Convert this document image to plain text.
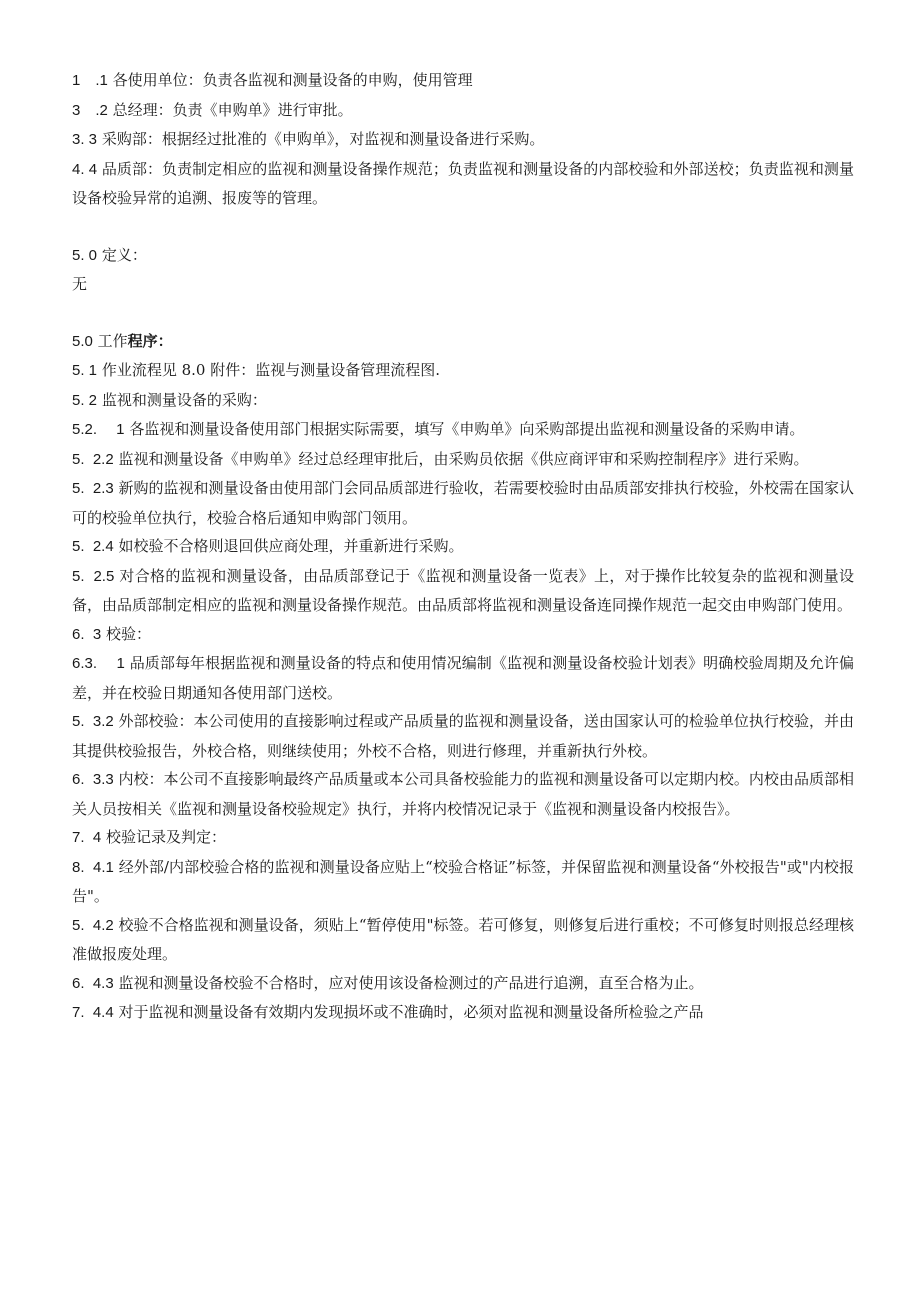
1　.1 各使用单位：负责各监视和测量设备的申购，使用管理

3　.2 总经理：负责《申购单》进行审批。

3. 3 采购部：根据经过批准的《申购单》，对监视和测量设备进行采购。

4. 4 品质部：负责制定相应的监视和测量设备操作规范；负责监视和测量设备的内部校验和外部送校；负责监视和测量设备校验异常的追溯、报废等的管理。

5. 0 定义：

无

5.0 工作程序：

5. 1 作业流程见 8.0 附件：监视与测量设备管理流程图.

5. 2 监视和测量设备的采购：

5.2.　 1 各监视和测量设备使用部门根据实际需要，填写《申购单》向采购部提出监视和测量设备的采购申请。

5.  2.2 监视和测量设备《申购单》经过总经理审批后，由采购员依据《供应商评审和采购控制程序》进行采购。

5.  2.3 新购的监视和测量设备由使用部门会同品质部进行验收，若需要校验时由品质部安排执行校验，外校需在国家认可的校验单位执行，校验合格后通知申购部门领用。

5.  2.4 如校验不合格则退回供应商处理，并重新进行采购。

5.  2.5 对合格的监视和测量设备，由品质部登记于《监视和测量设备一览表》上，对于操作比较复杂的监视和测量设备，由品质部制定相应的监视和测量设备操作规范。由品质部将监视和测量设备连同操作规范一起交由申购部门使用。

6.  3 校验：

6.3.　 1 品质部每年根据监视和测量设备的特点和使用情况编制《监视和测量设备校验计划表》明确校验周期及允许偏差，并在校验日期通知各使用部门送校。

5.  3.2 外部校验：本公司使用的直接影响过程或产品质量的监视和测量设备，送由国家认可的检验单位执行校验，并由其提供校验报告，外校合格，则继续使用；外校不合格，则进行修理，并重新执行外校。

6.  3.3 内校：本公司不直接影响最终产品质量或本公司具备校验能力的监视和测量设备可以定期内校。内校由品质部相关人员按相关《监视和测量设备校验规定》执行，并将内校情况记录于《监视和测量设备内校报告》。

7.  4 校验记录及判定：

8.  4.1 经外部/内部校验合格的监视和测量设备应贴上“校验合格证”标签，并保留监视和测量设备“外校报告"或"内校报告"。

5.  4.2 校验不合格监视和测量设备，须贴上“暂停使用"标签。若可修复，则修复后进行重校；不可修复时则报总经理核准做报废处理。

6.  4.3 监视和测量设备校验不合格时，应对使用该设备检测过的产品进行追溯，直至合格为止。

7.  4.4 对于监视和测量设备有效期内发现损坏或不准确时，必须对监视和测量设备所检验之产品
